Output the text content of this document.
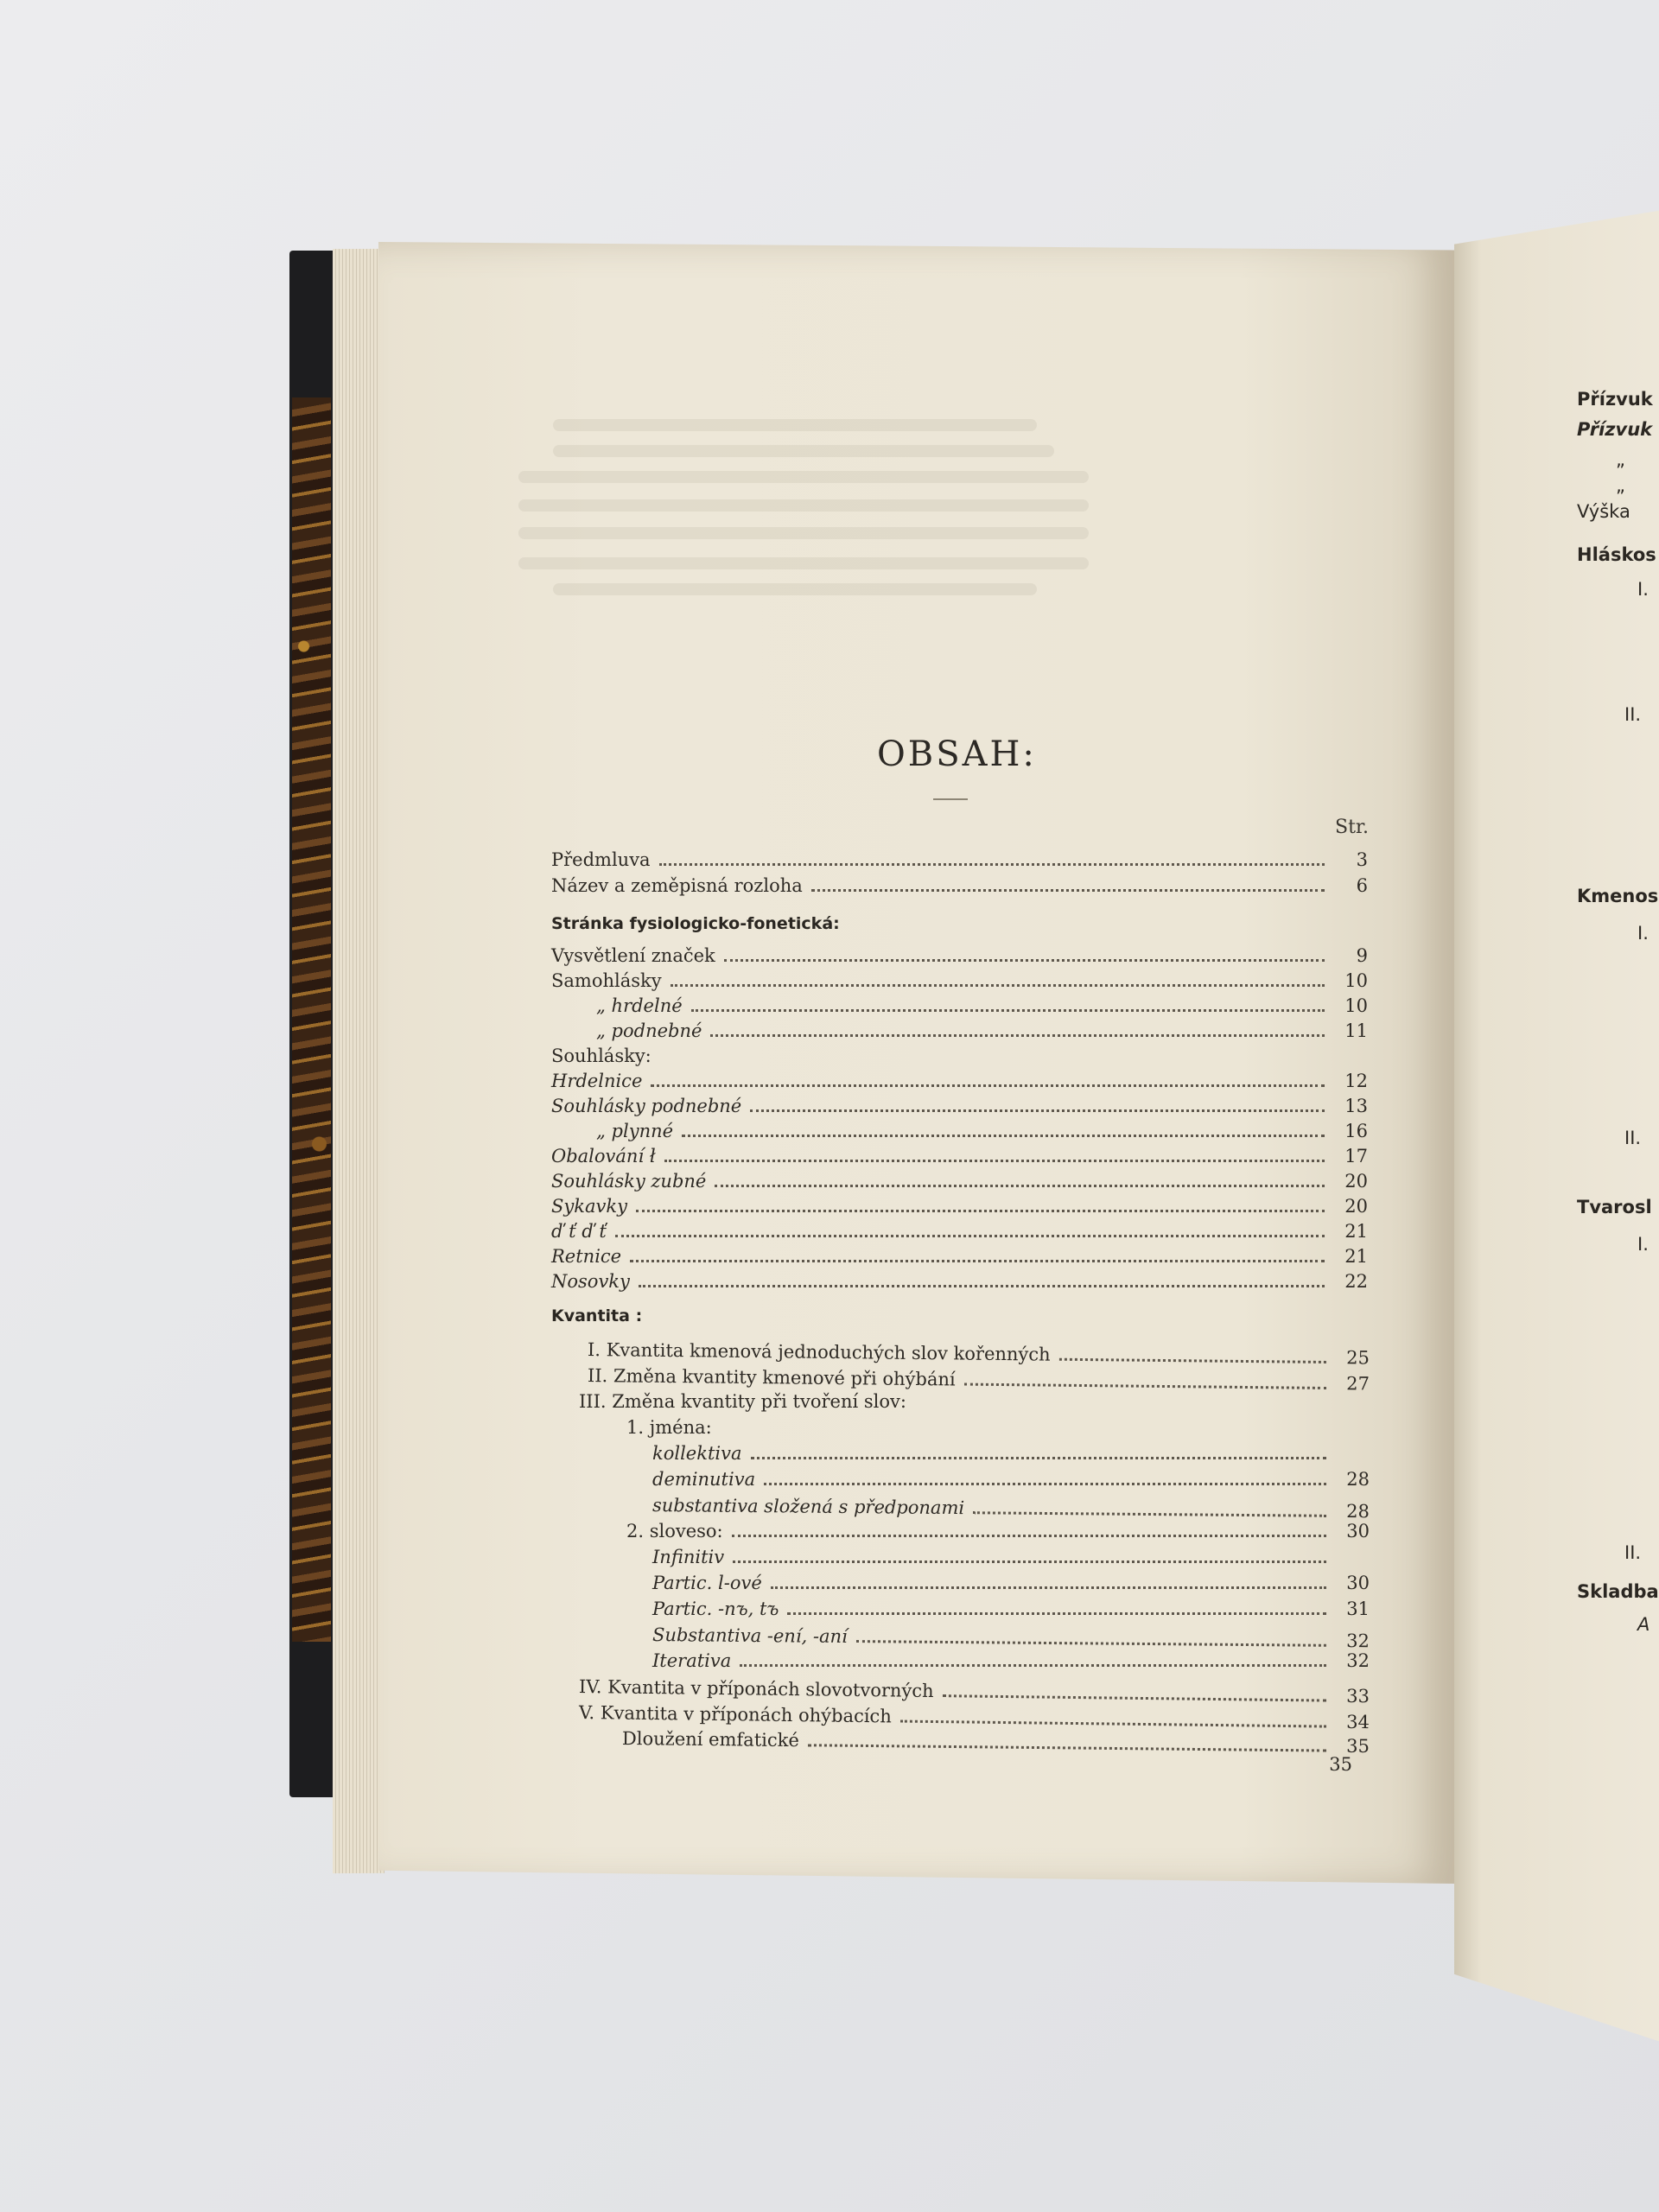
OBSAH:
Str.
Předmluva	3
Název a zeměpisná rozloha	6
Stránka fysiologicko-fonetická:
Vysvětlení značek	9
Samohlásky	10
„ hrdelné	10
„ podnebné	11
Souhlásky:
Hrdelnice	12
Souhlásky podnebné	13
„ plynné	16
Obalování ł	17
Souhlásky zubné	20
Sykavky	20
ď ť ď ť	21
Retnice	21
Nosovky	22
Kvantita :
I. Kvantita kmenová jednoduchých slov kořenných	25
II. Změna kvantity kmenové při ohýbání	27
III. Změna kvantity při tvoření slov:
1. jména:
kollektiva
deminutiva	28
substantiva složená s předponami	28
2. sloveso:	30
Infinitiv
Partic. l-ové	30
Partic. -nъ, tъ	31
Substantiva -ení, -aní	32
Iterativa	32
IV. Kvantita v příponách slovotvorných	33
V. Kvantita v příponách ohýbacích	34
Dloužení emfatické	35
35
Přízvuk
Přízvuk
„
„
Výška
Hláskos
I.
II.
Kmenos
I.
II.
Tvarosl
I.
II.
Skladba
A
